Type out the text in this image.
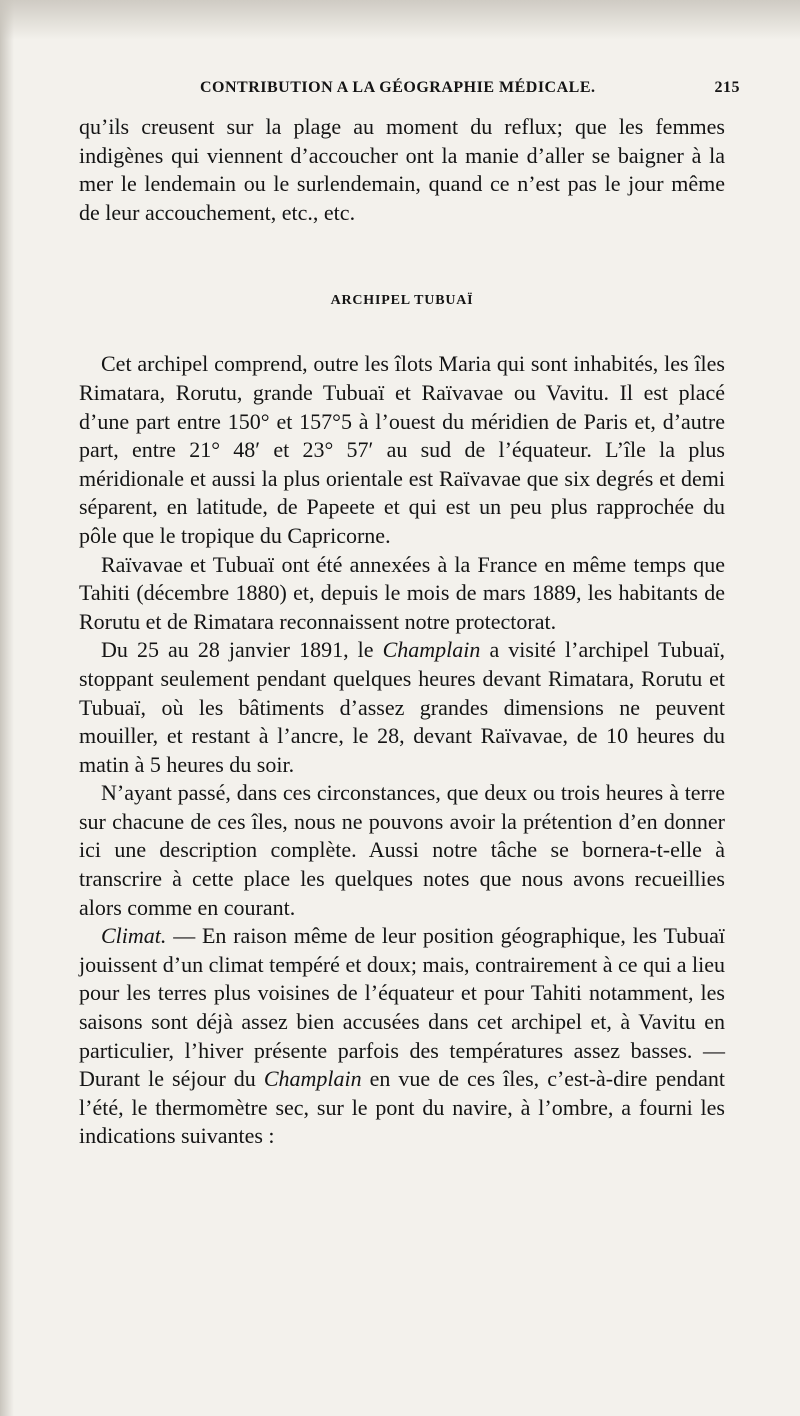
CONTRIBUTION A LA GÉOGRAPHIE MÉDICALE.	215

qu’ils creusent sur la plage au moment du reflux; que les femmes indigènes qui viennent d’accoucher ont la manie d’aller se baigner à la mer le lendemain ou le surlendemain, quand ce n’est pas le jour même de leur accouchement, etc., etc.

ARCHIPEL TUBUAÏ

Cet archipel comprend, outre les îlots Maria qui sont inhabités, les îles Rimatara, Rorutu, grande Tubuaï et Raïvavae ou Vavitu. Il est placé d’une part entre 150° et 157°5 à l’ouest du méridien de Paris et, d’autre part, entre 21° 48′ et 23° 57′ au sud de l’équateur. L’île la plus méridionale et aussi la plus orientale est Raïvavae que six degrés et demi séparent, en latitude, de Papeete et qui est un peu plus rapprochée du pôle que le tropique du Capricorne.

Raïvavae et Tubuaï ont été annexées à la France en même temps que Tahiti (décembre 1880) et, depuis le mois de mars 1889, les habitants de Rorutu et de Rimatara reconnaissent notre protectorat.

Du 25 au 28 janvier 1891, le Champlain a visité l’archipel Tubuaï, stoppant seulement pendant quelques heures devant Rimatara, Rorutu et Tubuaï, où les bâtiments d’assez grandes dimensions ne peuvent mouiller, et restant à l’ancre, le 28, devant Raïvavae, de 10 heures du matin à 5 heures du soir.

N’ayant passé, dans ces circonstances, que deux ou trois heures à terre sur chacune de ces îles, nous ne pouvons avoir la prétention d’en donner ici une description complète. Aussi notre tâche se bornera-t-elle à transcrire à cette place les quelques notes que nous avons recueillies alors comme en courant.

Climat. — En raison même de leur position géographique, les Tubuaï jouissent d’un climat tempéré et doux; mais, contrairement à ce qui a lieu pour les terres plus voisines de l’équateur et pour Tahiti notamment, les saisons sont déjà assez bien accusées dans cet archipel et, à Vavitu en particulier, l’hiver présente parfois des températures assez basses. — Durant le séjour du Champlain en vue de ces îles, c’est-à-dire pendant l’été, le thermomètre sec, sur le pont du navire, à l’ombre, a fourni les indications suivantes :
